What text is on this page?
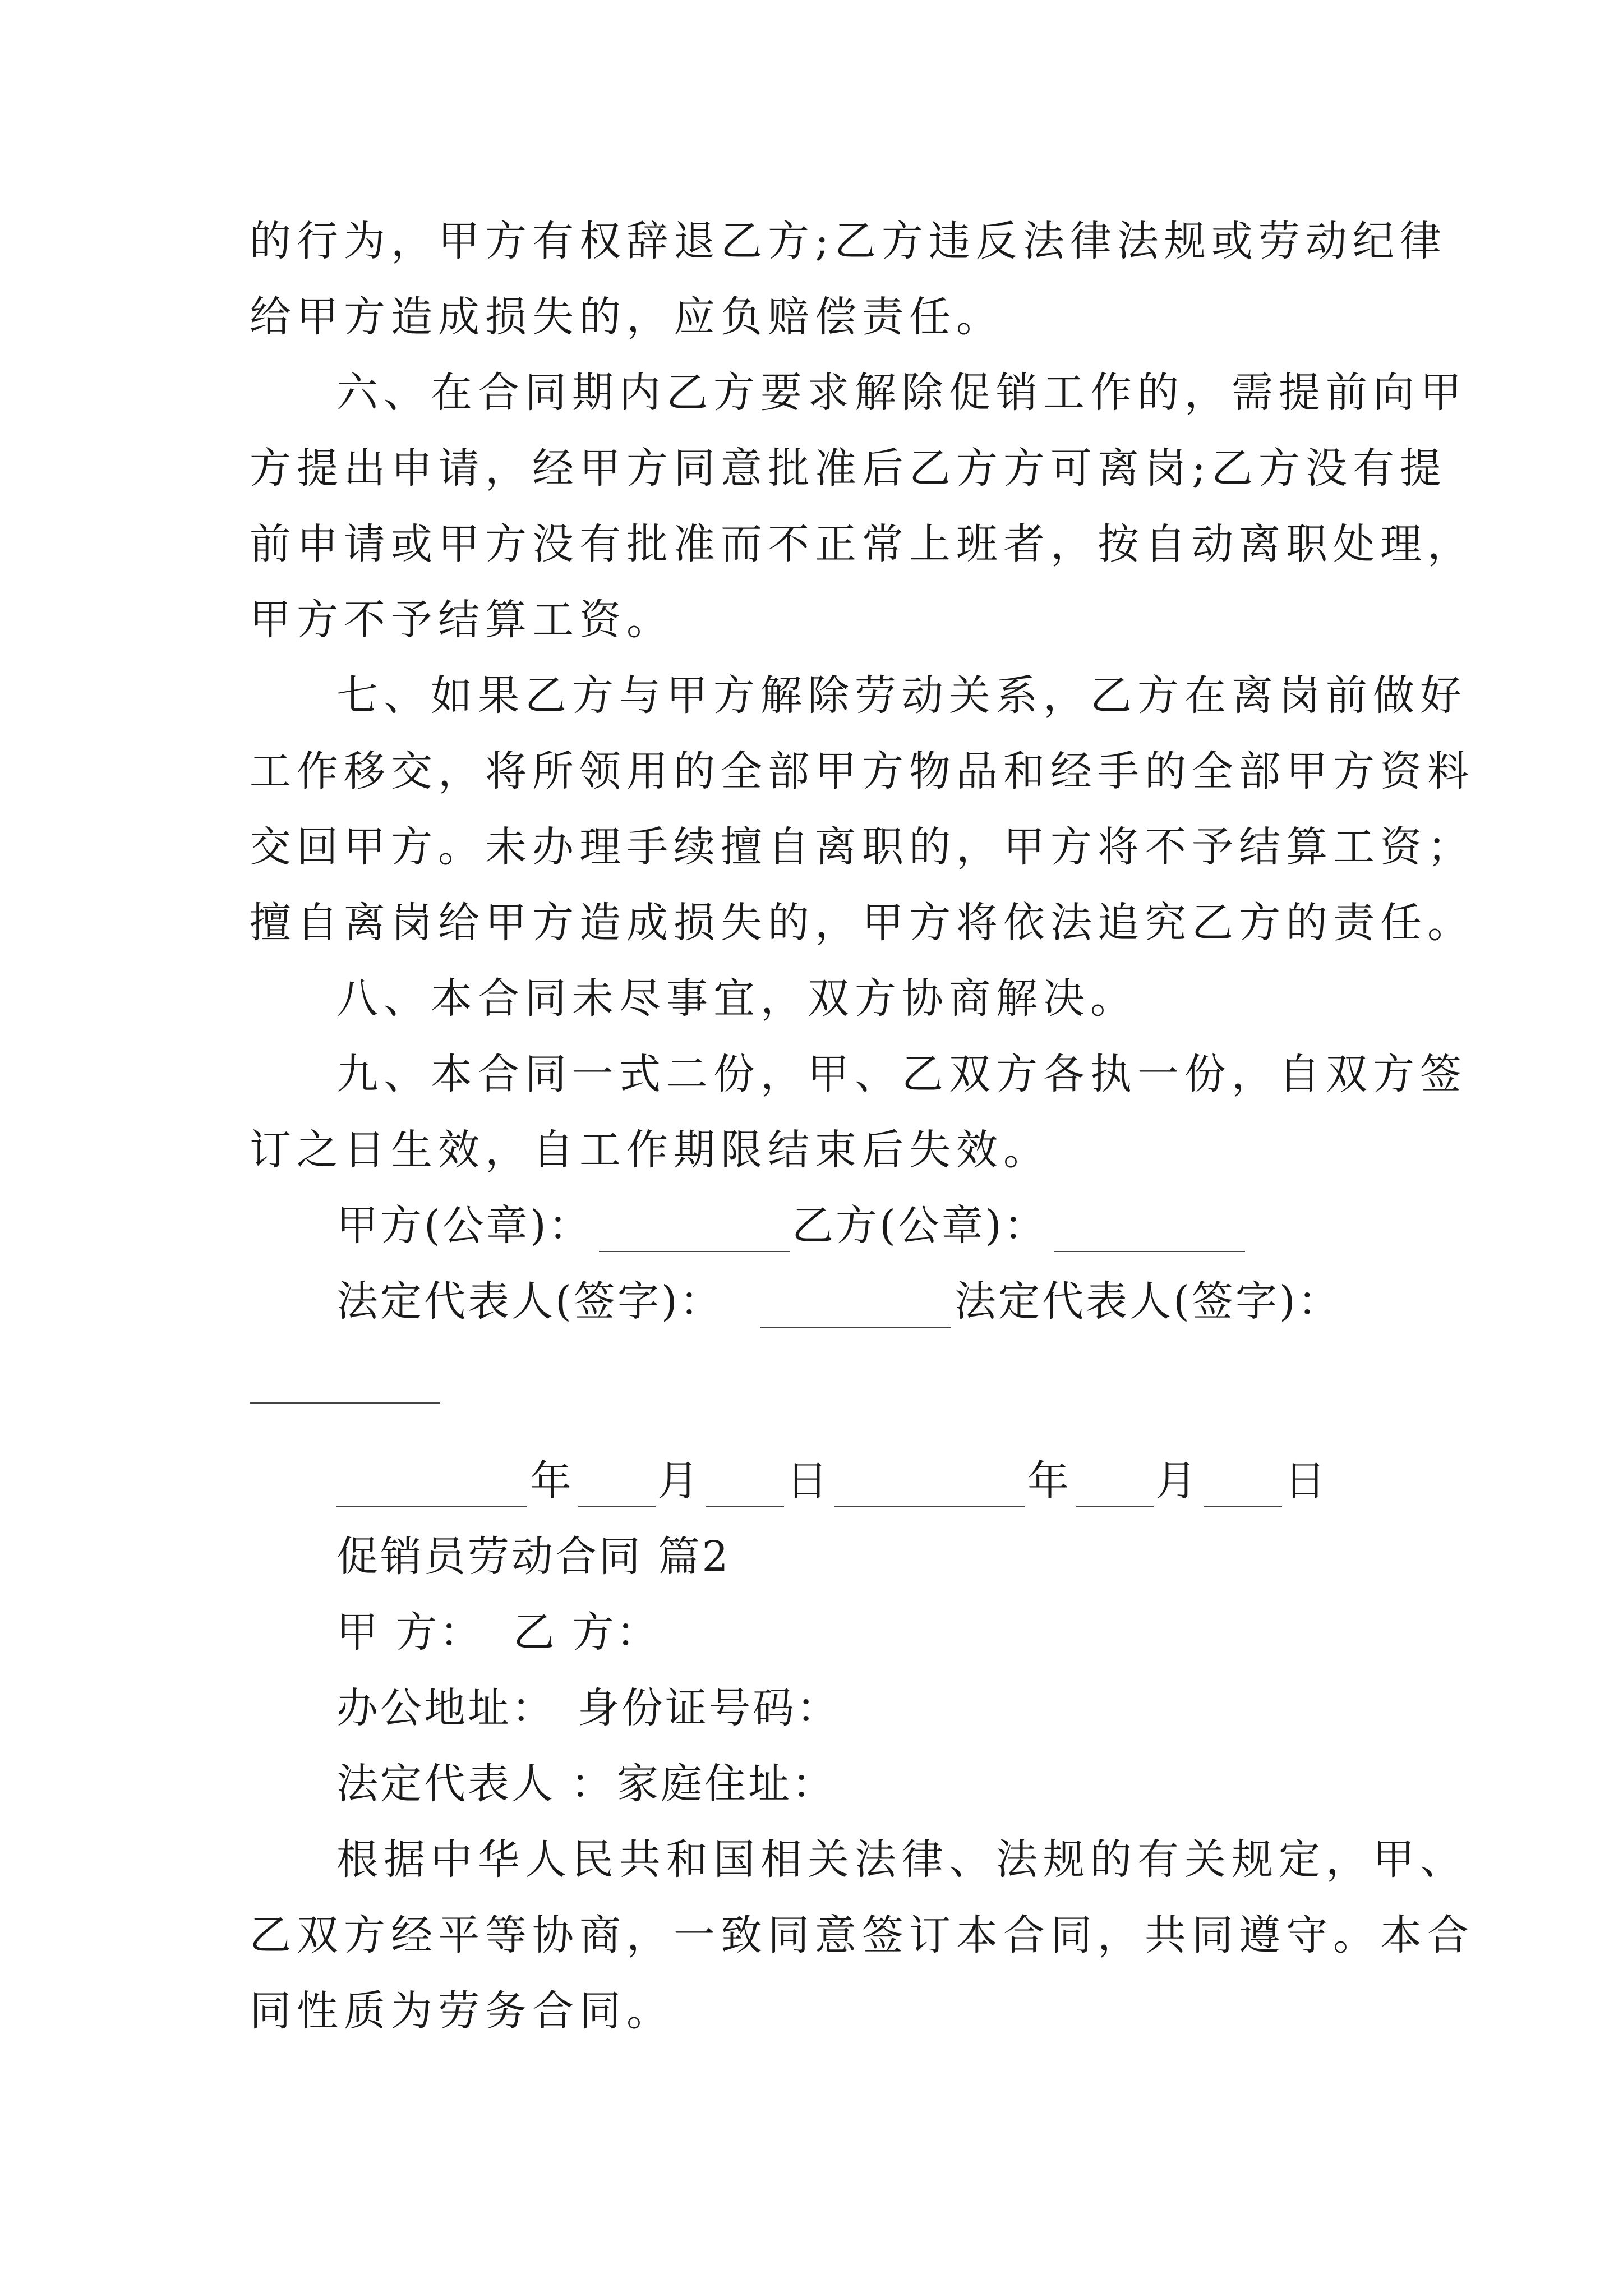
的行为，甲方有权辞退乙方;乙方违反法律法规或劳动纪律
给甲方造成损失的，应负赔偿责任。
六、在合同期内乙方要求解除促销工作的，需提前向甲
方提出申请，经甲方同意批准后乙方方可离岗;乙方没有提
前申请或甲方没有批准而不正常上班者，按自动离职处理，
甲方不予结算工资。
七、如果乙方与甲方解除劳动关系，乙方在离岗前做好
工作移交，将所领用的全部甲方物品和经手的全部甲方资料
交回甲方。未办理手续擅自离职的，甲方将不予结算工资；
擅自离岗给甲方造成损失的，甲方将依法追究乙方的责任。
八、本合同未尽事宜，双方协商解决。
九、本合同一式二份，甲、乙双方各执一份，自双方签
订之日生效，自工作期限结束后失效。
甲方(公章)：	乙方(公章)：
法定代表人(签字)：	法定代表人(签字)：
年 月 日	年 月 日
促销员劳动合同 篇2
甲 方： 乙 方：
办公地址： 身份证号码：
法定代表人 ： 家庭住址：
根据中华人民共和国相关法律、法规的有关规定，甲、
乙双方经平等协商，一致同意签订本合同，共同遵守。本合
同性质为劳务合同。
